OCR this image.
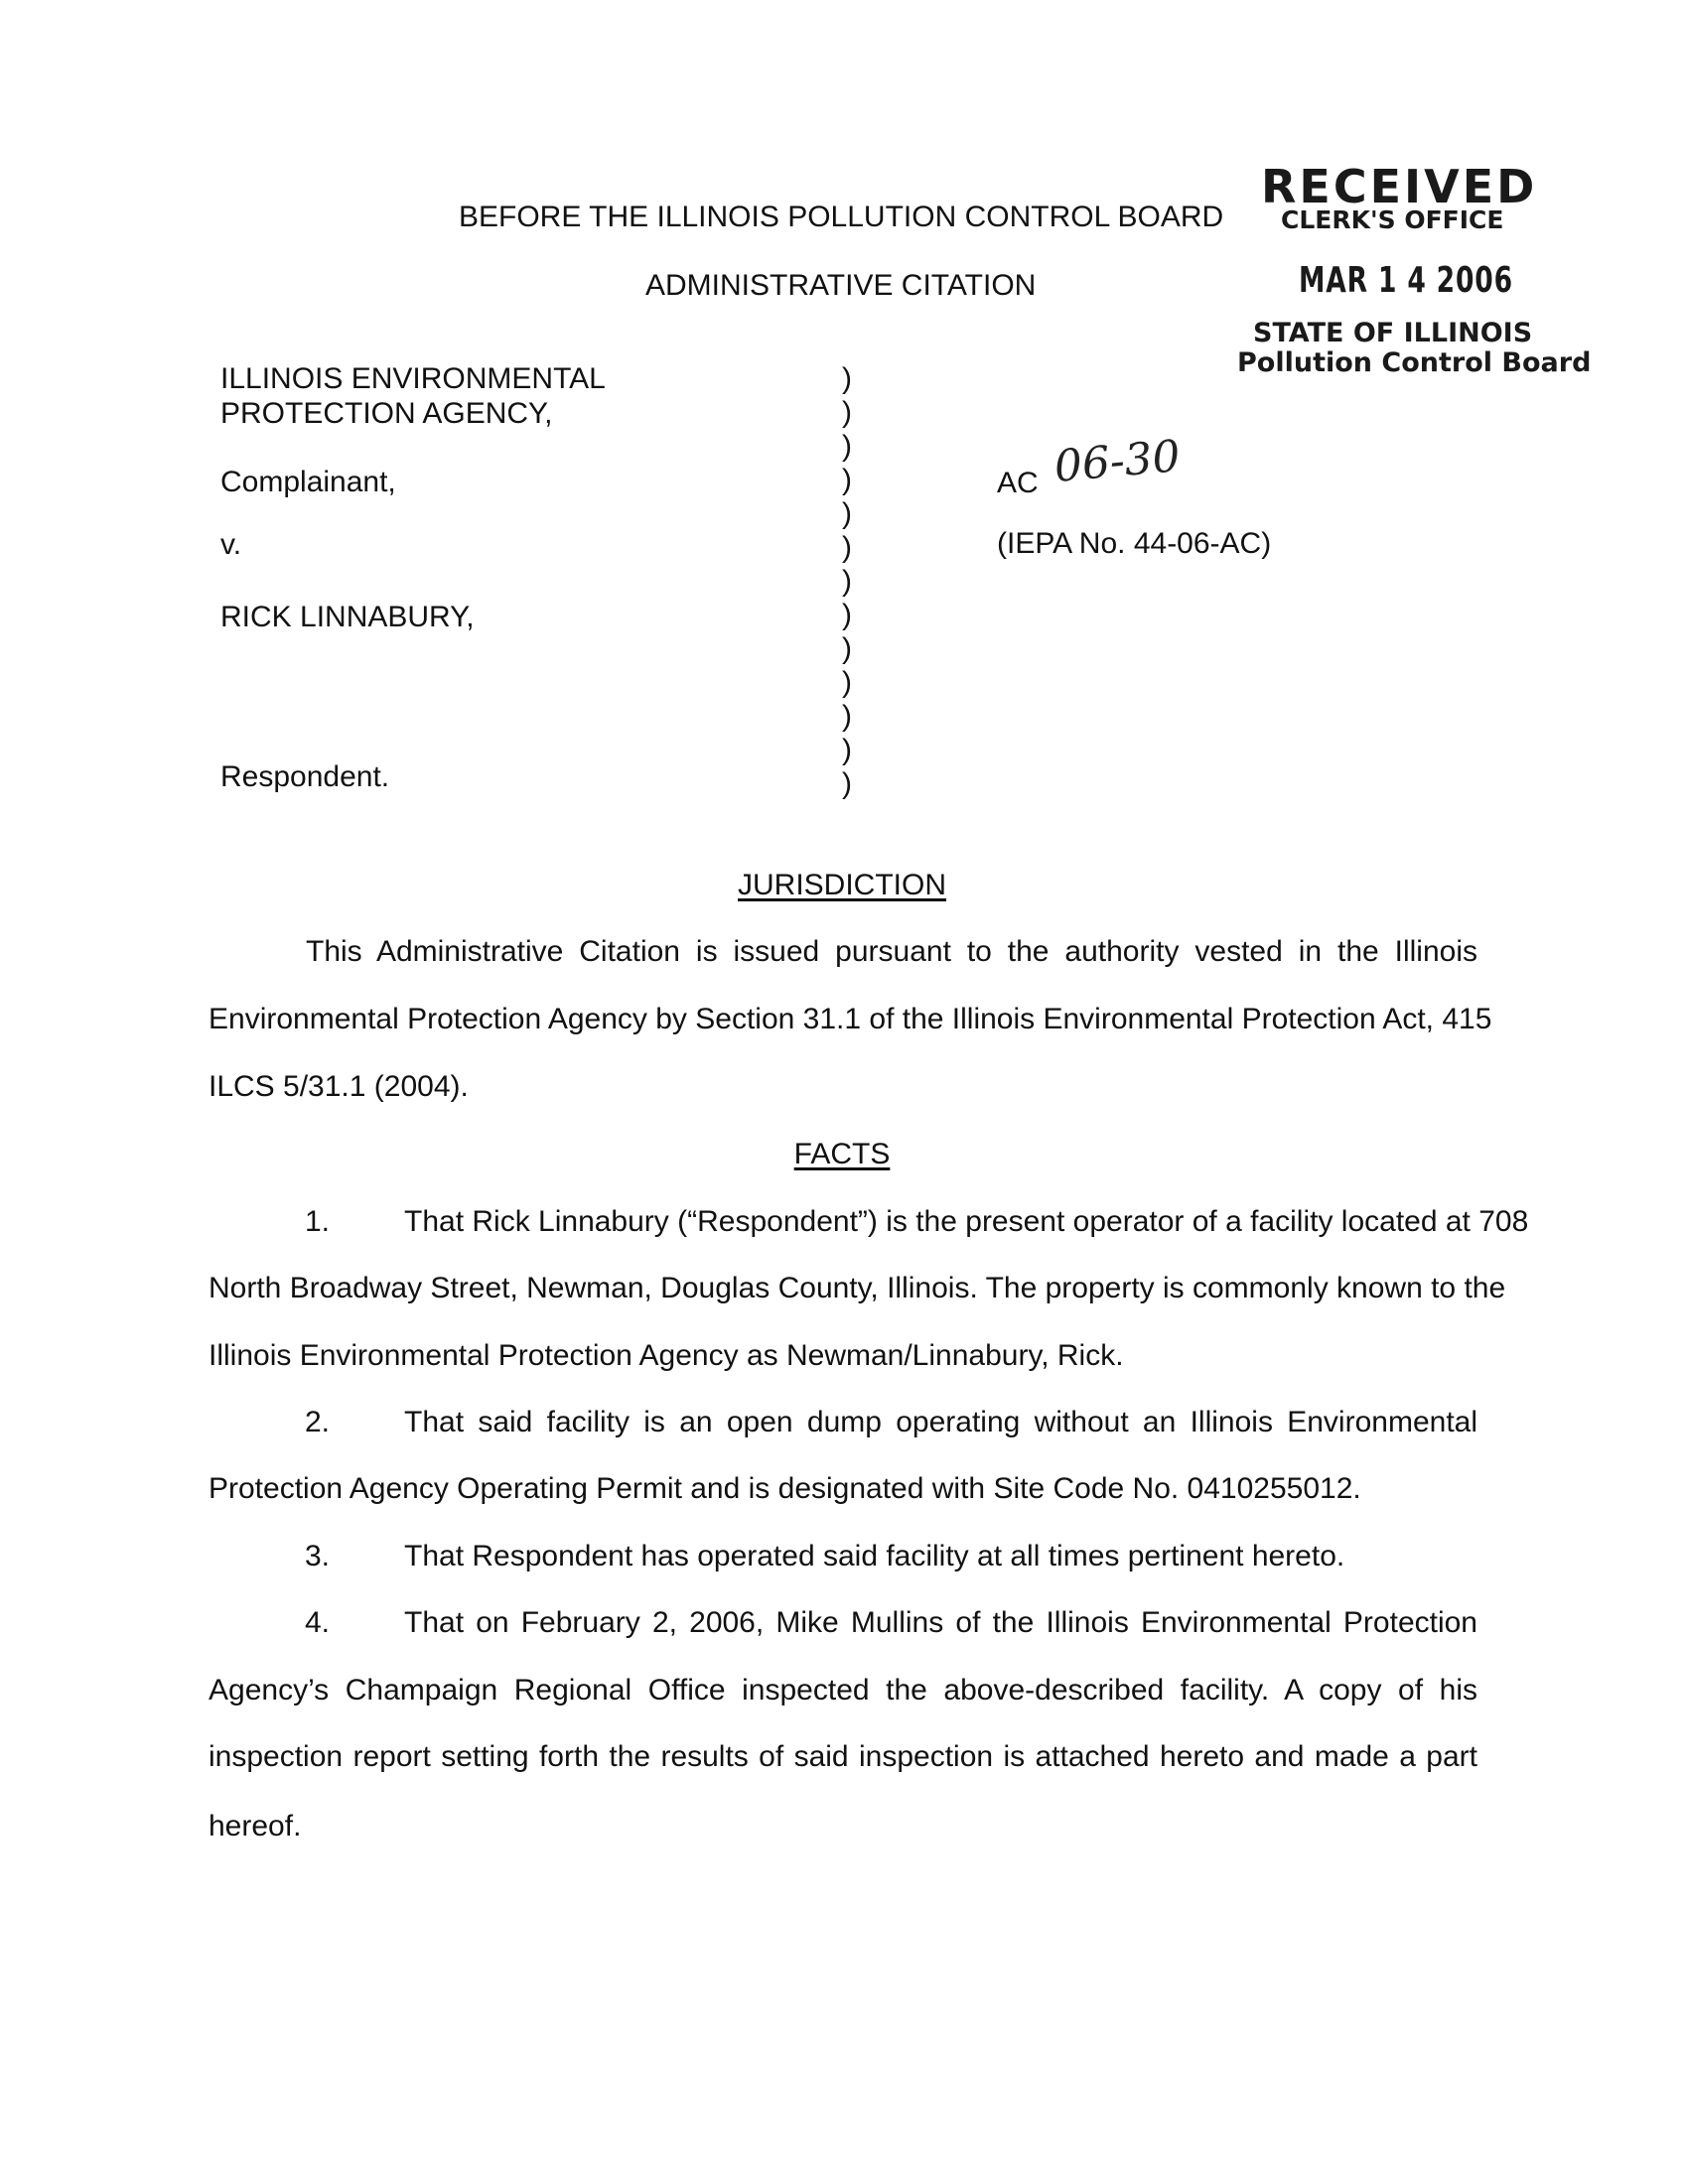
BEFORE THE ILLINOIS POLLUTION CONTROL BOARD
ADMINISTRATIVE CITATION
RECEIVED
CLERK'S OFFICE
MAR 1 4 2006
STATE OF ILLINOIS
Pollution Control Board
ILLINOIS ENVIRONMENTAL
PROTECTION AGENCY,
Complainant,
v.
RICK LINNABURY,
Respondent.
)
)
)
)
)
)
)
)
)
)
)
)
)
AC 06-30
(IEPA No. 44-06-AC)
JURISDICTION
This Administrative Citation is issued pursuant to the authority vested in the Illinois
Environmental Protection Agency by Section 31.1 of the Illinois Environmental Protection Act, 415
ILCS 5/31.1 (2004).
FACTS
1. That Rick Linnabury (“Respondent”) is the present operator of a facility located at 708
North Broadway Street, Newman, Douglas County, Illinois. The property is commonly known to the
Illinois Environmental Protection Agency as Newman/Linnabury, Rick.
2. That said facility is an open dump operating without an Illinois Environmental
Protection Agency Operating Permit and is designated with Site Code No. 0410255012.
3. That Respondent has operated said facility at all times pertinent hereto.
4. That on February 2, 2006, Mike Mullins of the Illinois Environmental Protection
Agency’s Champaign Regional Office inspected the above-described facility. A copy of his
inspection report setting forth the results of said inspection is attached hereto and made a part
hereof.
